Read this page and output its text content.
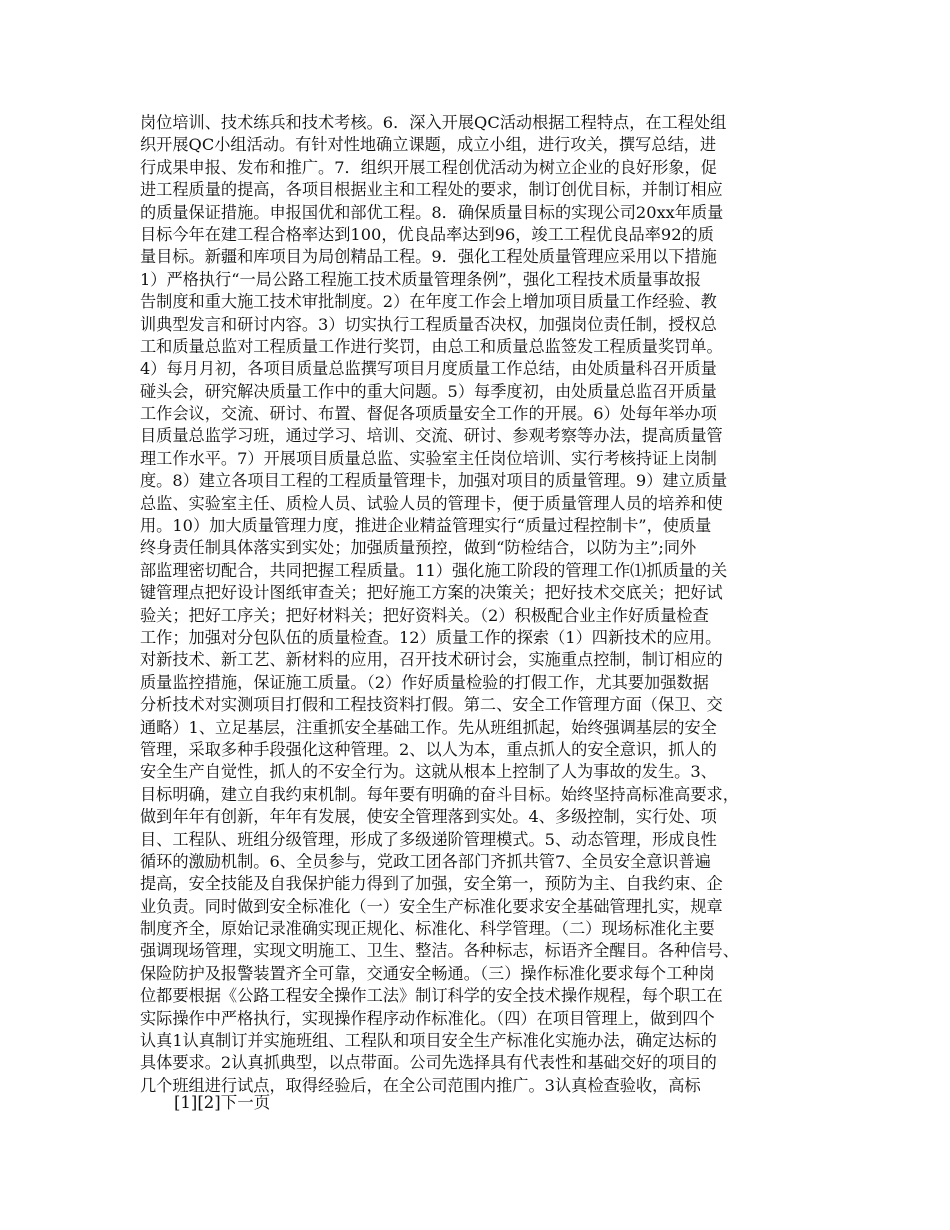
岗位培训、技术练兵和技术考核。6．深入开展QC活动根据工程特点，在工程处组
织开展QC小组活动。有针对性地确立课题，成立小组，进行攻关，撰写总结，进
行成果申报、发布和推广。7．组织开展工程创优活动为树立企业的良好形象，促
进工程质量的提高，各项目根据业主和工程处的要求，制订创优目标，并制订相应
的质量保证措施。申报国优和部优工程。8．确保质量目标的实现公司20xx年质量
目标今年在建工程合格率达到100，优良品率达到96，竣工工程优良品率92的质
量目标。新疆和库项目为局创精品工程。9．强化工程处质量管理应采用以下措施
1）严格执行“一局公路工程施工技术质量管理条例”，强化工程技术质量事故报
告制度和重大施工技术审批制度。2）在年度工作会上增加项目质量工作经验、教
训典型发言和研讨内容。3）切实执行工程质量否决权，加强岗位责任制，授权总
工和质量总监对工程质量工作进行奖罚，由总工和质量总监签发工程质量奖罚单。
4）每月月初，各项目质量总监撰写项目月度质量工作总结，由处质量科召开质量
碰头会，研究解决质量工作中的重大问题。5）每季度初，由处质量总监召开质量
工作会议，交流、研讨、布置、督促各项质量安全工作的开展。6）处每年举办项
目质量总监学习班，通过学习、培训、交流、研讨、参观考察等办法，提高质量管
理工作水平。7）开展项目质量总监、实验室主任岗位培训、实行考核持证上岗制
度。8）建立各项目工程的工程质量管理卡，加强对项目的质量管理。9）建立质量
总监、实验室主任、质检人员、试验人员的管理卡，便于质量管理人员的培养和使
用。10）加大质量管理力度，推进企业精益管理实行“质量过程控制卡”，使质量
终身责任制具体落实到实处；加强质量预控，做到“防检结合，以防为主”;同外
部监理密切配合，共同把握工程质量。11）强化施工阶段的管理工作⑴抓质量的关
键管理点把好设计图纸审查关；把好施工方案的决策关；把好技术交底关；把好试
验关；把好工序关；把好材料关；把好资料关。（2）积极配合业主作好质量检查
工作；加强对分包队伍的质量检查。12）质量工作的探索（1）四新技术的应用。
对新技术、新工艺、新材料的应用，召开技术研讨会，实施重点控制，制订相应的
质量监控措施，保证施工质量。（2）作好质量检验的打假工作，尤其要加强数据
分析技术对实测项目打假和工程技资料打假。第二、安全工作管理方面（保卫、交
通略）1、立足基层，注重抓安全基础工作。先从班组抓起，始终强调基层的安全
管理，采取多种手段强化这种管理。2、以人为本，重点抓人的安全意识，抓人的
安全生产自觉性，抓人的不安全行为。这就从根本上控制了人为事故的发生。3、
目标明确，建立自我约束机制。每年要有明确的奋斗目标。始终坚持高标准高要求，
做到年年有创新，年年有发展，使安全管理落到实处。4、多级控制，实行处、项
目、工程队、班组分级管理，形成了多级递阶管理模式。5、动态管理，形成良性
循环的激励机制。6、全员参与，党政工团各部门齐抓共管7、全员安全意识普遍
提高，安全技能及自我保护能力得到了加强，安全第一，预防为主、自我约束、企
业负责。同时做到安全标准化（一）安全生产标准化要求安全基础管理扎实，规章
制度齐全，原始记录准确实现正规化、标准化、科学管理。（二）现场标准化主要
强调现场管理，实现文明施工、卫生、整洁。各种标志，标语齐全醒目。各种信号、
保险防护及报警装置齐全可靠，交通安全畅通。（三）操作标准化要求每个工种岗
位都要根据《公路工程安全操作工法》制订科学的安全技术操作规程，每个职工在
实际操作中严格执行，实现操作程序动作标准化。（四）在项目管理上，做到四个
认真1认真制订并实施班组、工程队和项目安全生产标准化实施办法，确定达标的
具体要求。2认真抓典型，以点带面。公司先选择具有代表性和基础交好的项目的
几个班组进行试点，取得经验后，在全公司范围内推广。3认真检查验收，高标
[1][2]下一页
